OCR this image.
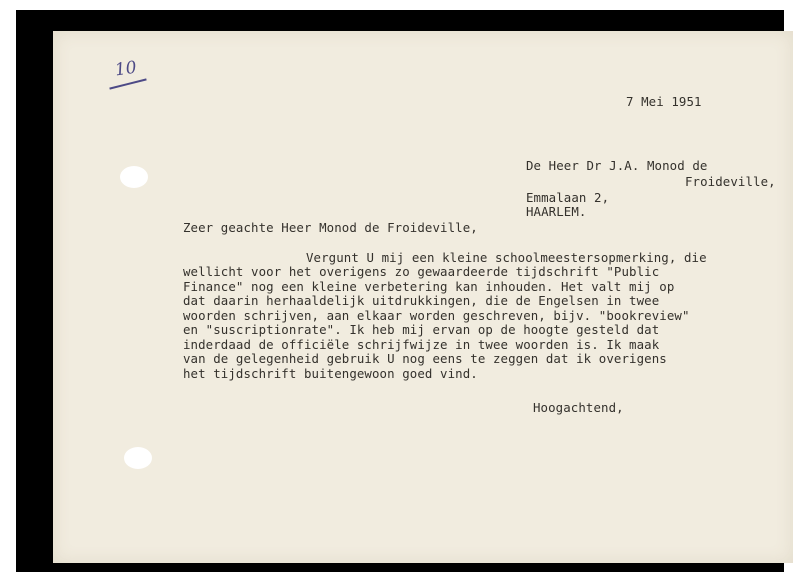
10
7 Mei 1951
De Heer Dr J.A. Monod de
Froideville,
Emmalaan 2,
HAARLEM.
Zeer geachte Heer Monod de Froideville,
Vergunt U mij een kleine schoolmeestersopmerking, die
wellicht voor het overigens zo gewaardeerde tijdschrift "Public
Finance" nog een kleine verbetering kan inhouden. Het valt mij op
dat daarin herhaaldelijk uitdrukkingen, die de Engelsen in twee
woorden schrijven, aan elkaar worden geschreven, bijv. "bookreview"
en "suscriptionrate". Ik heb mij ervan op de hoogte gesteld dat
inderdaad de officiële schrijfwijze in twee woorden is. Ik maak
van de gelegenheid gebruik U nog eens te zeggen dat ik overigens
het tijdschrift buitengewoon goed vind.
Hoogachtend,
